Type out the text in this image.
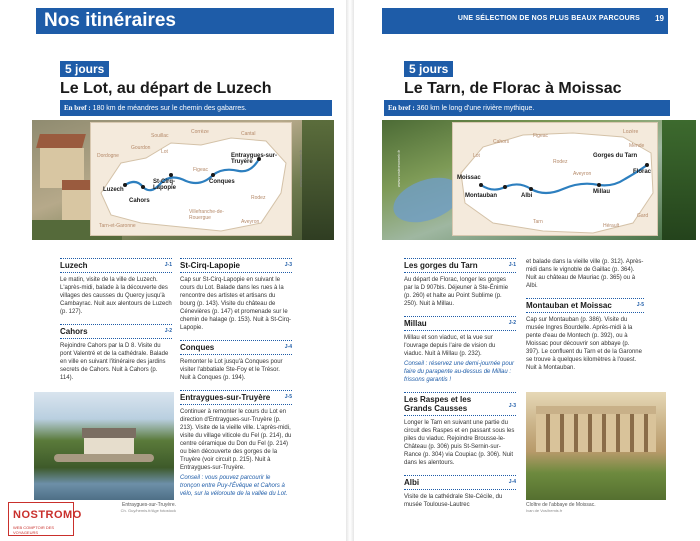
Nos itinéraires
5 jours
Le Lot, au départ de Luzech
En bref : 180 km de méandres sur le chemin des gabarres.
Luzech
Cahors
St-Cirq-Lapopie
Conques
Entraygues-sur-Truyère
Figeac
Rodez
Villefranche-de-Rouergue
Tarn-et-Garonne
Aveyron
Lot
Cantal
Gourdon
Souillac
Corrèze
Dordogne	www.nostromoweb.fr
Luzech	J-1
Le matin, visite de la ville de Luzech. L'après-midi, balade à la découverte des villages des causses du Quercy jusqu'à Cambayrac. Nuit aux alentours de Luzech (p. 127).
Cahors	J-2
Rejoindre Cahors par la D 8. Visite du pont Valentré et de la cathédrale. Balade en ville en suivant l'itinéraire des jardins secrets de Cahors. Nuit à Cahors (p. 114).
St-Cirq-Lapopie	J-3
Cap sur St-Cirq-Lapopie en suivant le cours du Lot. Balade dans les rues à la rencontre des artistes et artisans du bourg (p. 143). Visite du château de Cénevières (p. 147) et promenade sur le chemin de halage (p. 153). Nuit à St-Cirq-Lapopie.
Conques	J-4
Remonter le Lot jusqu'à Conques pour visiter l'abbatiale Ste-Foy et le Trésor. Nuit à Conques (p. 194).
Entraygues-sur-Truyère	J-5
Continuer à remonter le cours du Lot en direction d'Entraygues-sur-Truyère (p. 213). Visite de la vieille ville. L'après-midi, visite du village viticole du Fel (p. 214), du centre céramique du Don du Fel (p. 214) ou bien découverte des gorges de la Truyère (voir circuit p. 215). Nuit à Entraygues-sur-Truyère.
Conseil : vous pouvez parcourir le tronçon entre Puy-l'Évêque et Cahors à vélo, sur la véloroute de la vallée du Lot.
Entraygues-sur-Truyère.
Ch. Guy/hemis.fr/Age fotostock
NOSTROMO
WEB COMPTOIR DES VOYAGEURS
UNE SÉLECTION DE NOS PLUS BEAUX PARCOURS 19
5 jours
Le Tarn, de Florac à Moissac
En bref : 360 km le long d'une rivière mythique.
Moissac
Montauban	Albi
Millau
Gorges du Tarn
Florac
Cahors
Rodez
Mende
Lozère
Aveyron
Tarn
Figeac
Lot
Gard
Hérault
www.nostromoweb.fr
Les gorges du Tarn	J-1
Au départ de Florac, longer les gorges par la D 907bis. Déjeuner à Ste-Énimie (p. 260) et halte au Point Sublime (p. 250). Nuit à Millau.
Millau	J-2
Millau et son viaduc, et la vue sur l'ouvrage depuis l'aire de vision du viaduc. Nuit à Millau (p. 232).
Conseil : réservez une demi-journée pour faire du parapente au-dessus de Millau : frissons garantis !
Les Raspes et les Grands Causses	J-3
Longer le Tarn en suivant une partie du circuit des Raspes et en passant sous les piles du viaduc. Rejoindre Brousse-le-Château (p. 306) puis St-Sernin-sur-Rance (p. 304) via Coupiac (p. 306). Nuit dans les alentours.
Albi	J-4
Visite de la cathédrale Ste-Cécile, du musée Toulouse-Lautrec
et balade dans la vieille ville (p. 312). Après-midi dans le vignoble de Gaillac (p. 364). Nuit au château de Mauriac (p. 365) ou à Albi.
Montauban et Moissac	J-5
Cap sur Montauban (p. 386). Visite du musée Ingres Bourdelle. Après-midi à la pente d'eau de Montech (p. 392), ou à Moissac pour découvrir son abbaye (p. 397). Le confluent du Tarn et de la Garonne se trouve à quelques kilomètres à l'ouest. Nuit à Montauban.
Cloître de l'abbaye de Moissac.
Ivan de Vos/hemis.fr
